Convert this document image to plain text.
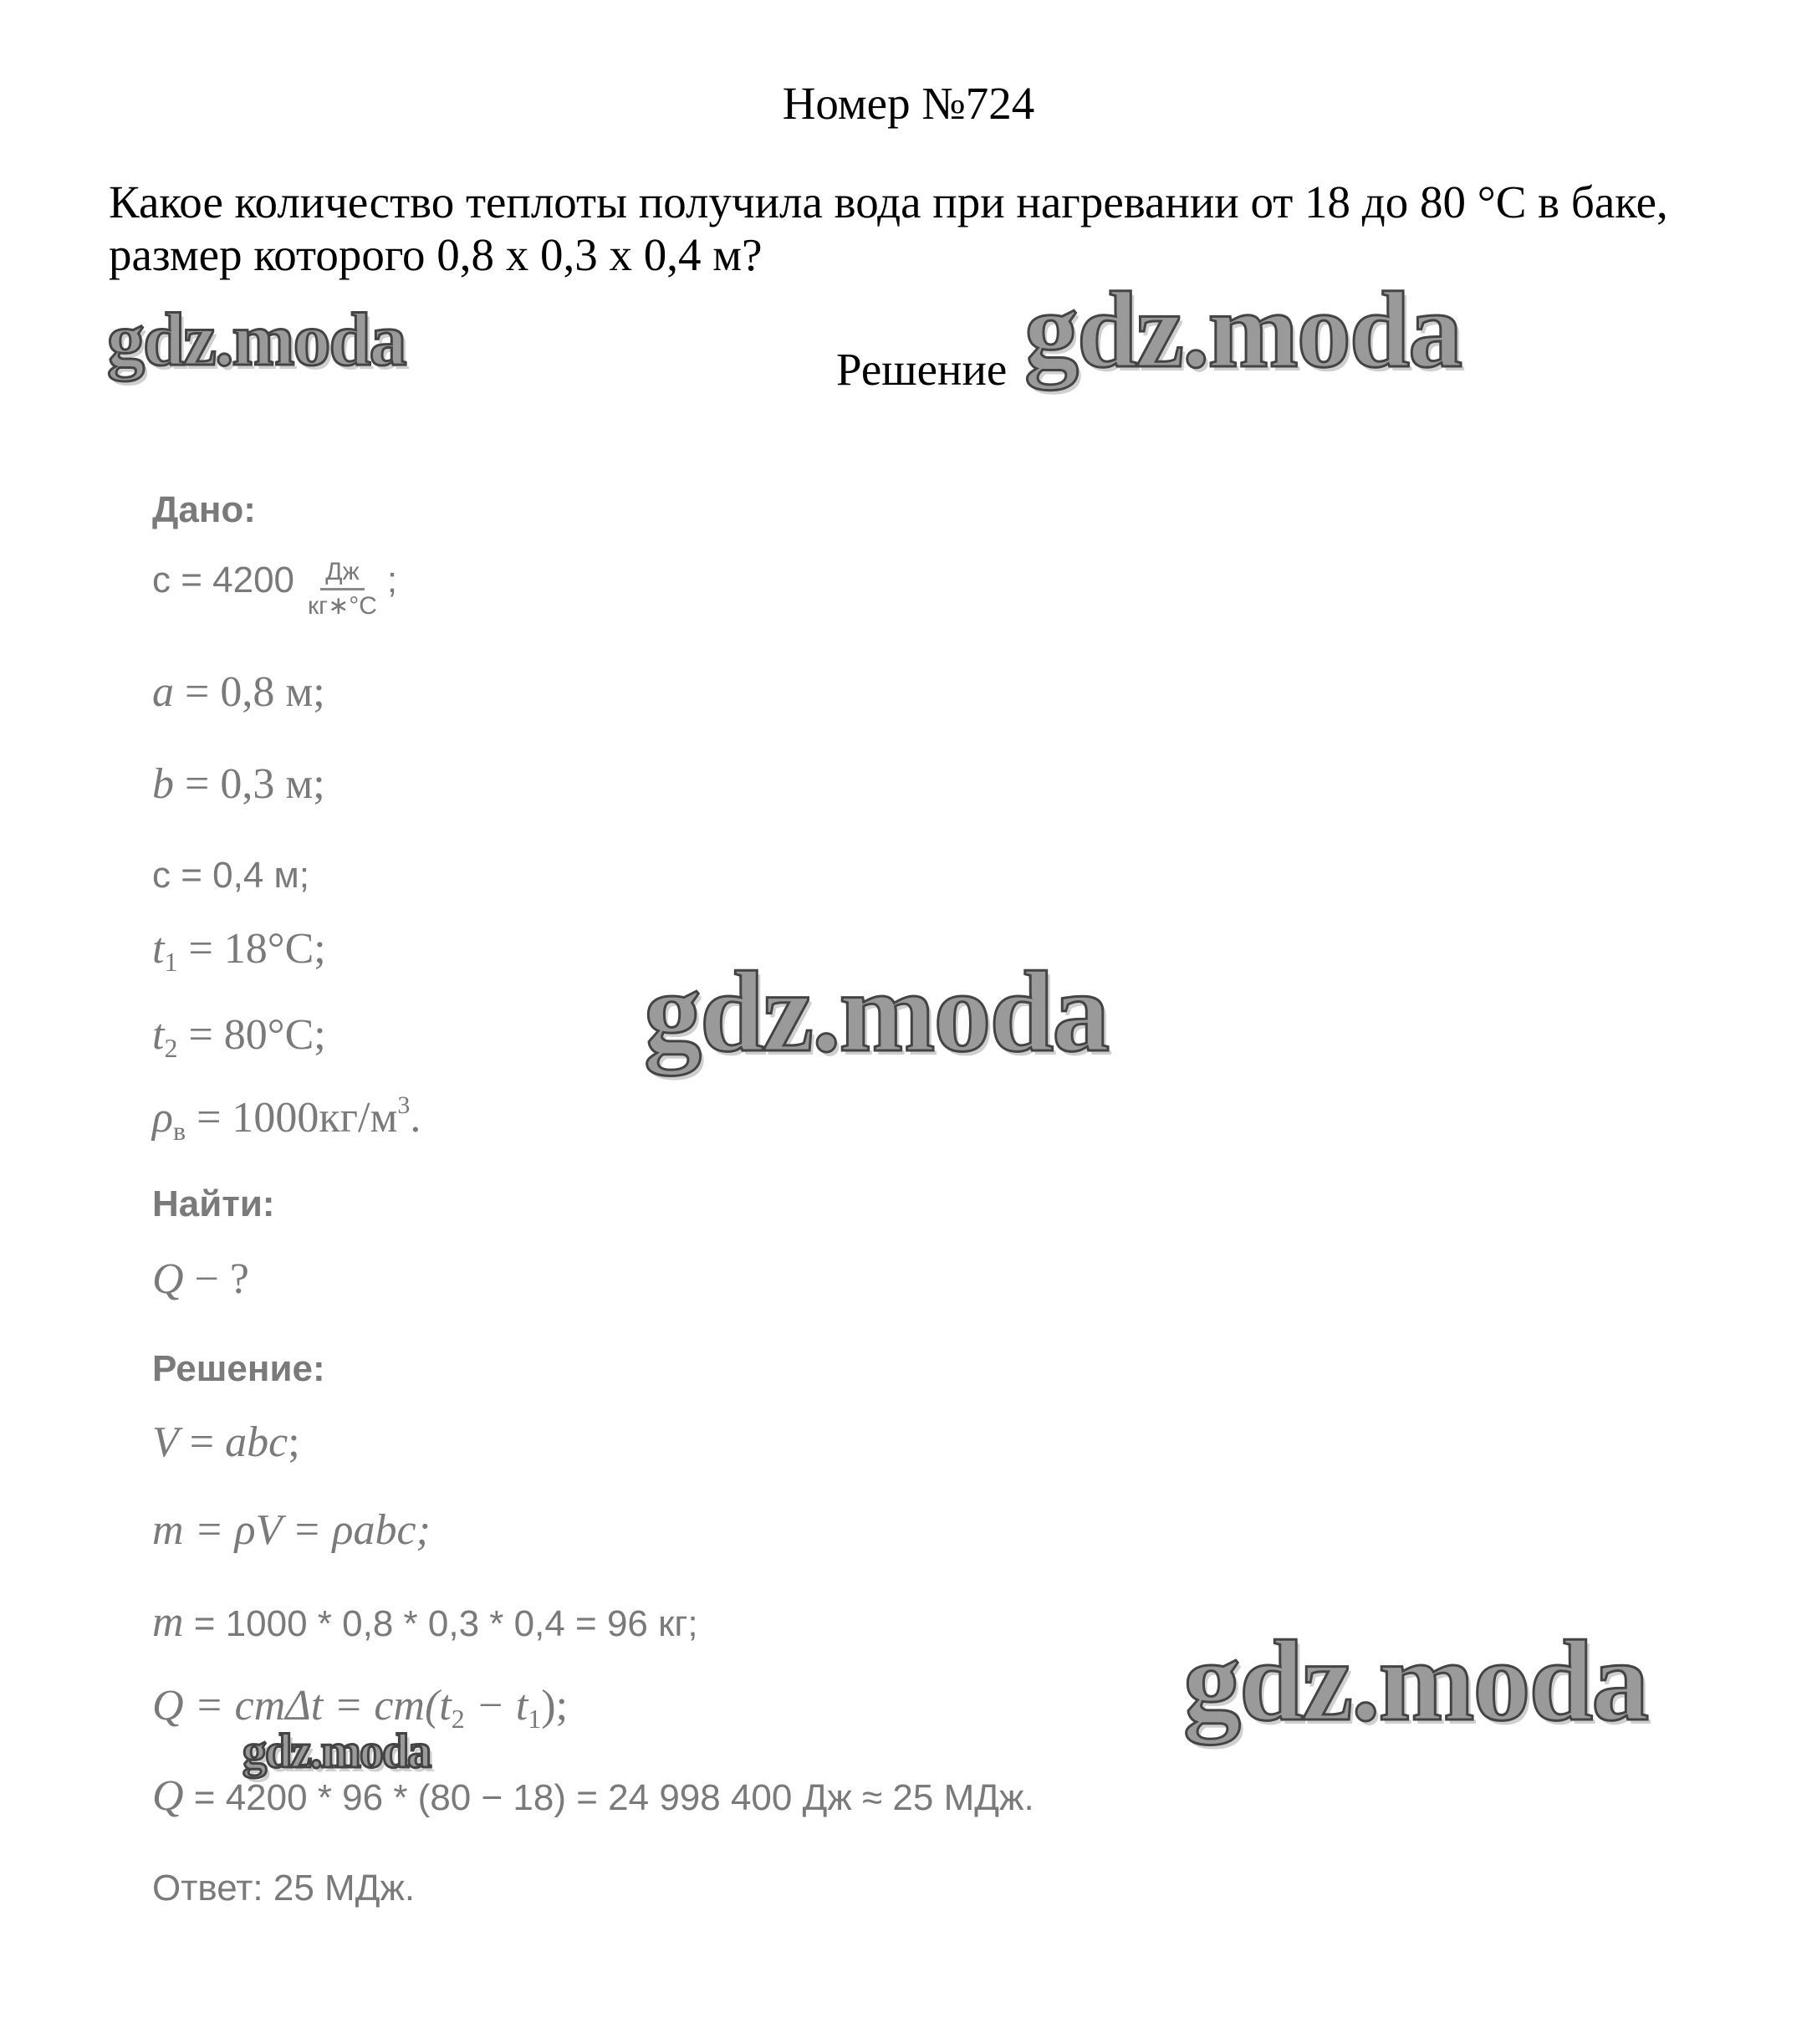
Номер №724
Какое количество теплоты получила вода при нагревании от 18 до 80 °С в баке, размер которого 0,8 х 0,3 х 0,4 м?
Решение
Дано:
$c = 4200 \frac{Дж}{кг∗^\circ С}$ ;
a = 0,8 м;
b = 0,3 м;
c = 0,4 м;
$t_1 = 18^\circ C$;
$t_2 = 80^\circ C$;
$\rho_в = 1000кг/м^3$.
Найти:
Q − ?
Решение:
V = abc;
m = ρV = ρabc;
m = 1000 * 0,8 * 0,3 * 0,4 = 96 кг;
$Q = cm\Delta t = cm(t_2 - t_1)$;
Q = 4200 * 96 * (80 − 18) = 24 998 400 Дж ≈ 25 МДж.
Ответ: 25 МДж.
gdz.moda	gdz.moda
gdz.moda
gdz.moda
gdz.moda
